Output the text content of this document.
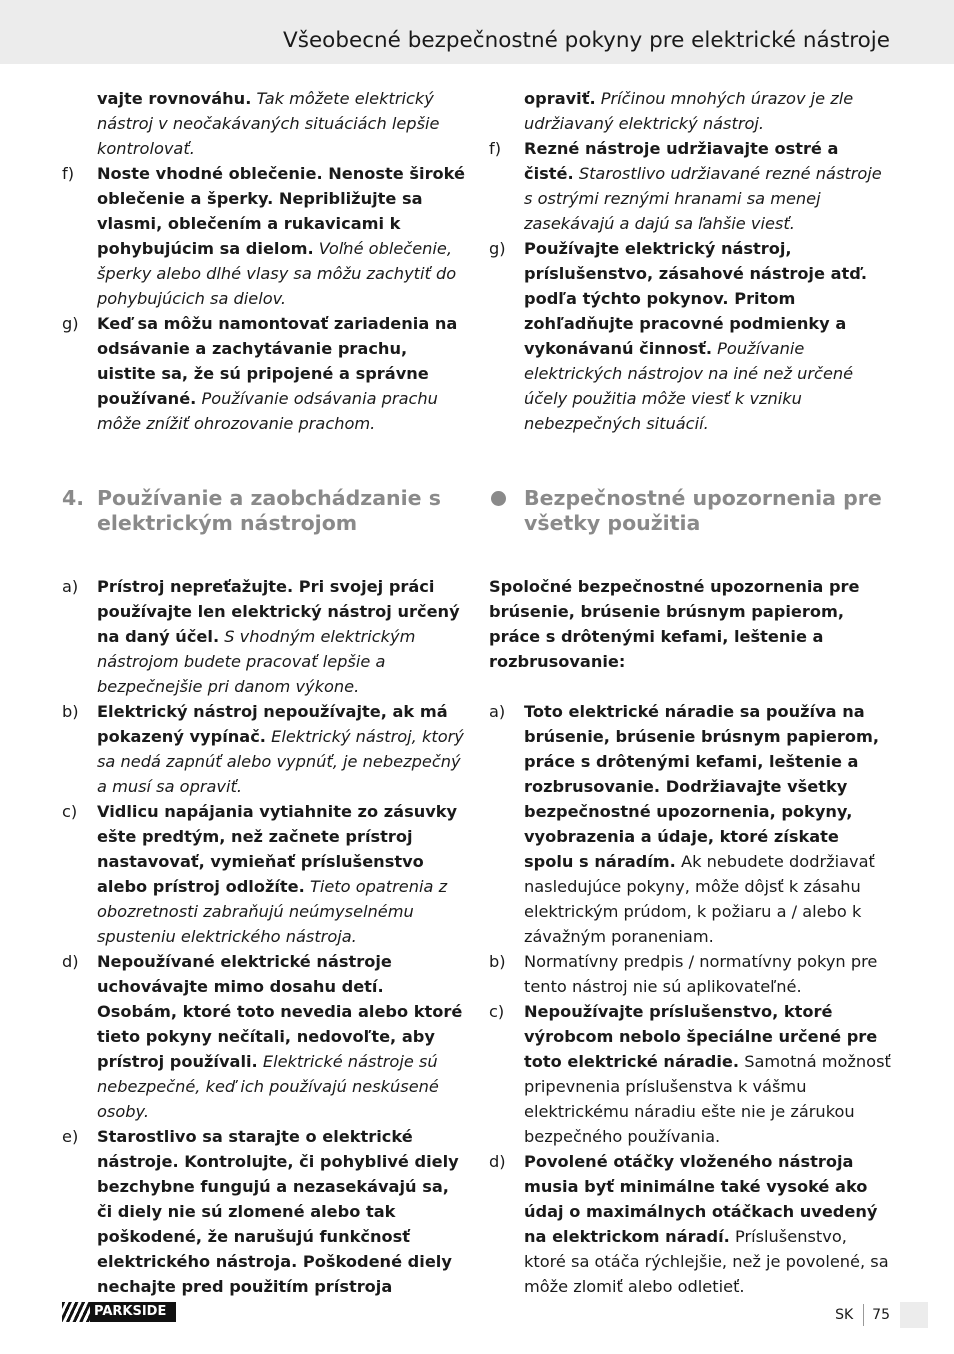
Všeobecné bezpečnostné pokyny pre elektrické nástroje
vajte rovnováhu. Tak môžete elektrický nástroj v neočakávaných situáciách lepšie kontrolovať.
f) Noste vhodné oblečenie. Nenoste široké oblečenie a šperky. Nepribližujte sa vlasmi, oblečením a rukavicami k pohybujúcim sa dielom. Voľné oblečenie, šperky alebo dlhé vlasy sa môžu zachytiť do pohybujúcich sa dielov.
g) Keď sa môžu namontovať zariadenia na odsávanie a zachytávanie prachu, uistite sa, že sú pripojené a správne používané. Používanie odsávania prachu môže znížiť ohrozovanie prachom.
4. Používanie a zaobchádzanie s elektrickým nástrojom
a) Prístroj nepreťažujte. Pri svojej práci používajte len elektrický nástroj určený na daný účel. S vhodným elektrickým nástrojom budete pracovať lepšie a bezpečnejšie pri danom výkone.
b) Elektrický nástroj nepoužívajte, ak má pokazený vypínač. Elektrický nástroj, ktorý sa nedá zapnúť alebo vypnúť, je nebezpečný a musí sa opraviť.
c) Vidlicu napájania vytiahnite zo zásuvky ešte predtým, než začnete prístroj nastavovať, vymieňať príslušenstvo alebo prístroj odložíte. Tieto opatrenia z obozretnosti zabraňujú neúmyselnému spusteniu elektrického nástroja.
d) Nepoužívané elektrické nástroje uchovávajte mimo dosahu detí. Osobám, ktoré toto nevedia alebo ktoré tieto pokyny nečítali, nedovoľte, aby prístroj používali. Elektrické nástroje sú nebezpečné, keď ich používajú neskúsené osoby.
e) Starostlivo sa starajte o elektrické nástroje. Kontrolujte, či pohyblivé diely bezchybne fungujú a nezasekávajú sa, či diely nie sú zlomené alebo tak poškodené, že narušujú funkčnosť elektrického nástroja. Poškodené diely nechajte pred použitím prístroja
opraviť. Príčinou mnohých úrazov je zle udržiavaný elektrický nástroj.
f) Rezné nástroje udržiavajte ostré a čisté. Starostlivo udržiavané rezné nástroje s ostrými reznými hranami sa menej zasekávajú a dajú sa ľahšie viesť.
g) Používajte elektrický nástroj, príslušenstvo, zásahové nástroje atď. podľa týchto pokynov. Pritom zohľadňujte pracovné podmienky a vykonávanú činnosť. Používanie elektrických nástrojov na iné než určené účely použitia môže viesť k vzniku nebezpečných situácií.
Bezpečnostné upozornenia pre všetky použitia
Spoločné bezpečnostné upozornenia pre brúsenie, brúsenie brúsnym papierom, práce s drôtenými kefami, leštenie a rozbrusovanie:
a) Toto elektrické náradie sa používa na brúsenie, brúsenie brúsnym papierom, práce s drôtenými kefami, leštenie a rozbrusovanie. Dodržiavajte všetky bezpečnostné upozornenia, pokyny, vyobrazenia a údaje, ktoré získate spolu s náradím. Ak nebudete dodržiavať nasledujúce pokyny, môže dôjsť k zásahu elektrickým prúdom, k požiaru a / alebo k závažným poraneniam.
b) Normatívny predpis / normatívny pokyn pre tento nástroj nie sú aplikovateľné.
c) Nepoužívajte príslušenstvo, ktoré výrobcom nebolo špeciálne určené pre toto elektrické náradie. Samotná možnosť pripevnenia príslušenstva k vášmu elektrickému náradiu ešte nie je zárukou bezpečného používania.
d) Povolené otáčky vloženého nástroja musia byť minimálne také vysoké ako údaj o maximálnych otáčkach uvedený na elektrickom náradí. Príslušenstvo, ktoré sa otáča rýchlejšie, než je povolené, sa môže zlomiť alebo odletieť.
PARKSIDE	SK 75
